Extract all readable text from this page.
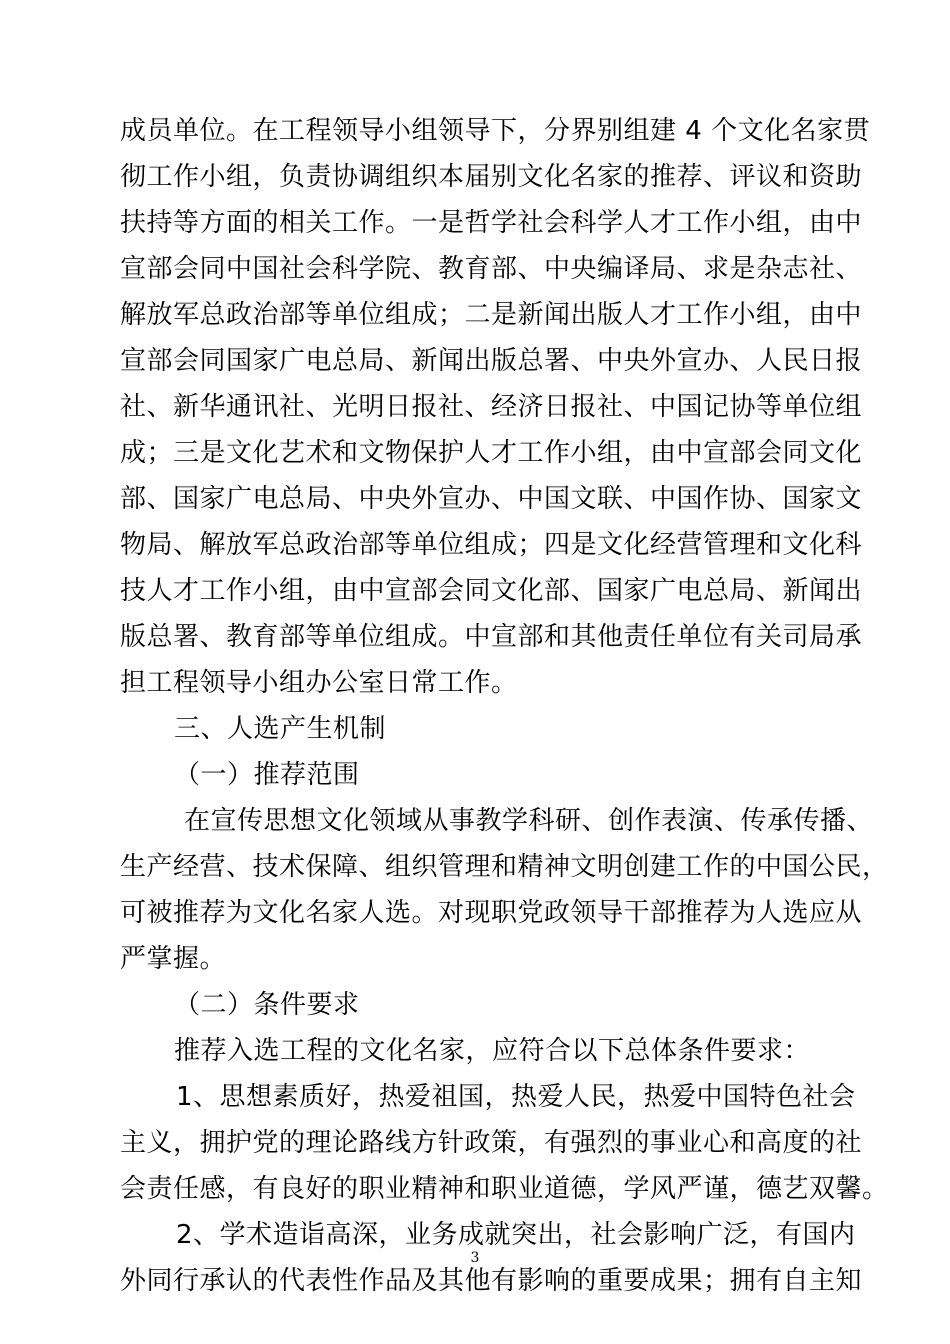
成员单位。在工程领导小组领导下，分界别组建 4 个文化名家贯
彻工作小组，负责协调组织本届别文化名家的推荐、评议和资助
扶持等方面的相关工作。一是哲学社会科学人才工作小组，由中
宣部会同中国社会科学院、教育部、中央编译局、求是杂志社、
解放军总政治部等单位组成；二是新闻出版人才工作小组，由中
宣部会同国家广电总局、新闻出版总署、中央外宣办、人民日报
社、新华通讯社、光明日报社、经济日报社、中国记协等单位组
成；三是文化艺术和文物保护人才工作小组，由中宣部会同文化
部、国家广电总局、中央外宣办、中国文联、中国作协、国家文
物局、解放军总政治部等单位组成；四是文化经营管理和文化科
技人才工作小组，由中宣部会同文化部、国家广电总局、新闻出
版总署、教育部等单位组成。中宣部和其他责任单位有关司局承
担工程领导小组办公室日常工作。
三、人选产生机制
（一）推荐范围
在宣传思想文化领域从事教学科研、创作表演、传承传播、
生产经营、技术保障、组织管理和精神文明创建工作的中国公民，
可被推荐为文化名家人选。对现职党政领导干部推荐为人选应从
严掌握。
（二）条件要求
推荐入选工程的文化名家，应符合以下总体条件要求：
1、思想素质好，热爱祖国，热爱人民，热爱中国特色社会
主义，拥护党的理论路线方针政策，有强烈的事业心和高度的社
会责任感，有良好的职业精神和职业道德，学风严谨，德艺双馨。
2、学术造诣高深，业务成就突出，社会影响广泛，有国内
外同行承认的代表性作品及其他有影响的重要成果；拥有自主知
3
